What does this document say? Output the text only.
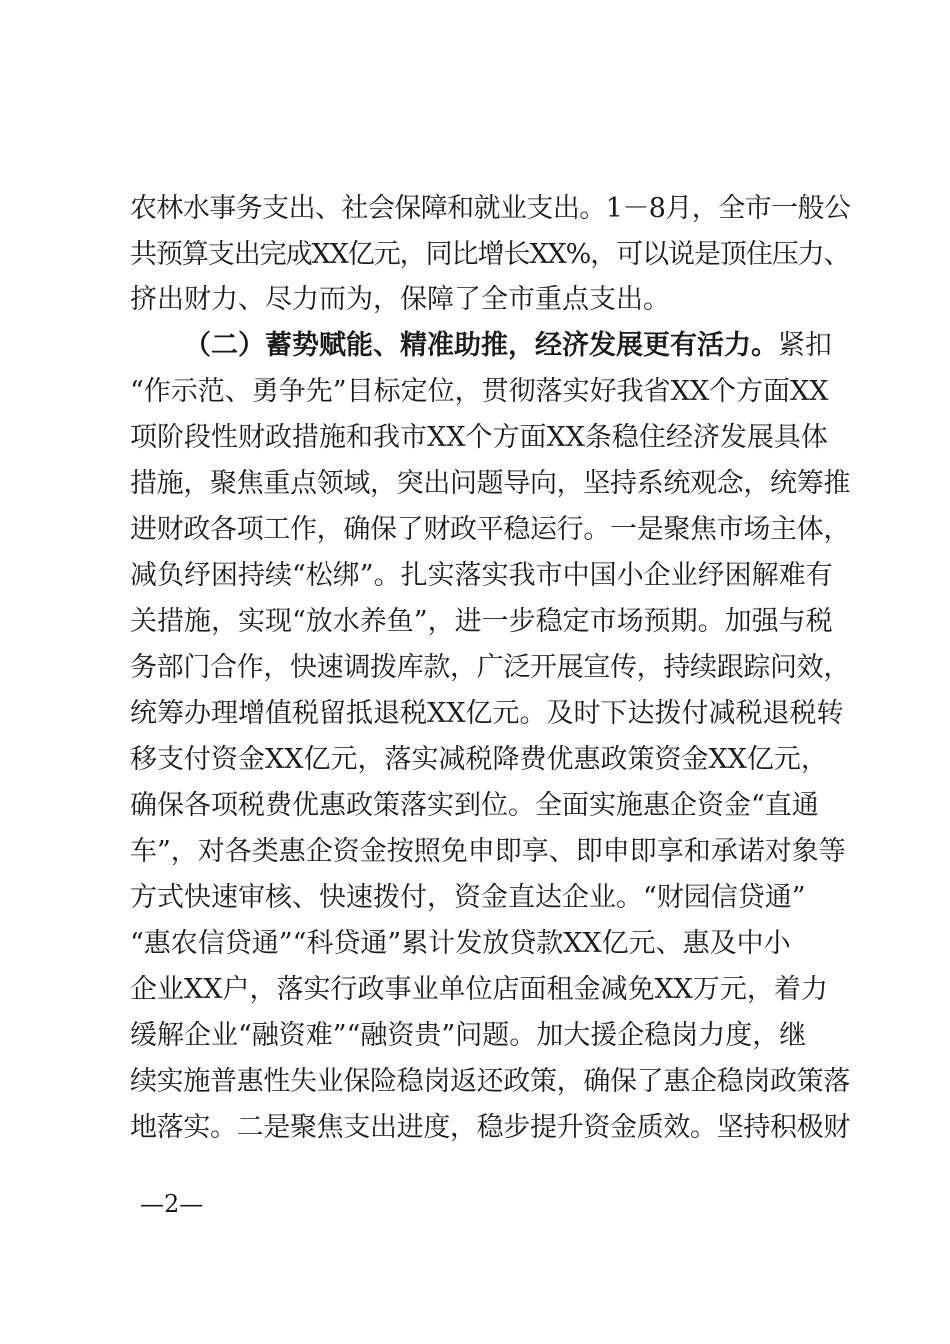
农林水事务支出、社会保障和就业支出。1－8月，全市一般公
共预算支出完成XX亿元，同比增长XX%，可以说是顶住压力、
挤出财力、尽力而为，保障了全市重点支出。
（二）蓄势赋能、精准助推，经济发展更有活力。紧扣
“作示范、勇争先”目标定位，贯彻落实好我省XX个方面XX
项阶段性财政措施和我市XX个方面XX条稳住经济发展具体
措施，聚焦重点领域，突出问题导向，坚持系统观念，统筹推
进财政各项工作，确保了财政平稳运行。一是聚焦市场主体，
减负纾困持续“松绑”。扎实落实我市中国小企业纾困解难有
关措施，实现“放水养鱼”，进一步稳定市场预期。加强与税
务部门合作，快速调拨库款，广泛开展宣传，持续跟踪问效，
统筹办理增值税留抵退税XX亿元。及时下达拨付减税退税转
移支付资金XX亿元，落实减税降费优惠政策资金XX亿元，
确保各项税费优惠政策落实到位。全面实施惠企资金“直通
车”，对各类惠企资金按照免申即享、即申即享和承诺对象等
方式快速审核、快速拨付，资金直达企业。“财园信贷通”
“惠农信贷通”“科贷通”累计发放贷款XX亿元、惠及中小
企业XX户，落实行政事业单位店面租金减免XX万元，着力
缓解企业“融资难”“融资贵”问题。加大援企稳岗力度，继
续实施普惠性失业保险稳岗返还政策，确保了惠企稳岗政策落
地落实。二是聚焦支出进度，稳步提升资金质效。坚持积极财
—2—
